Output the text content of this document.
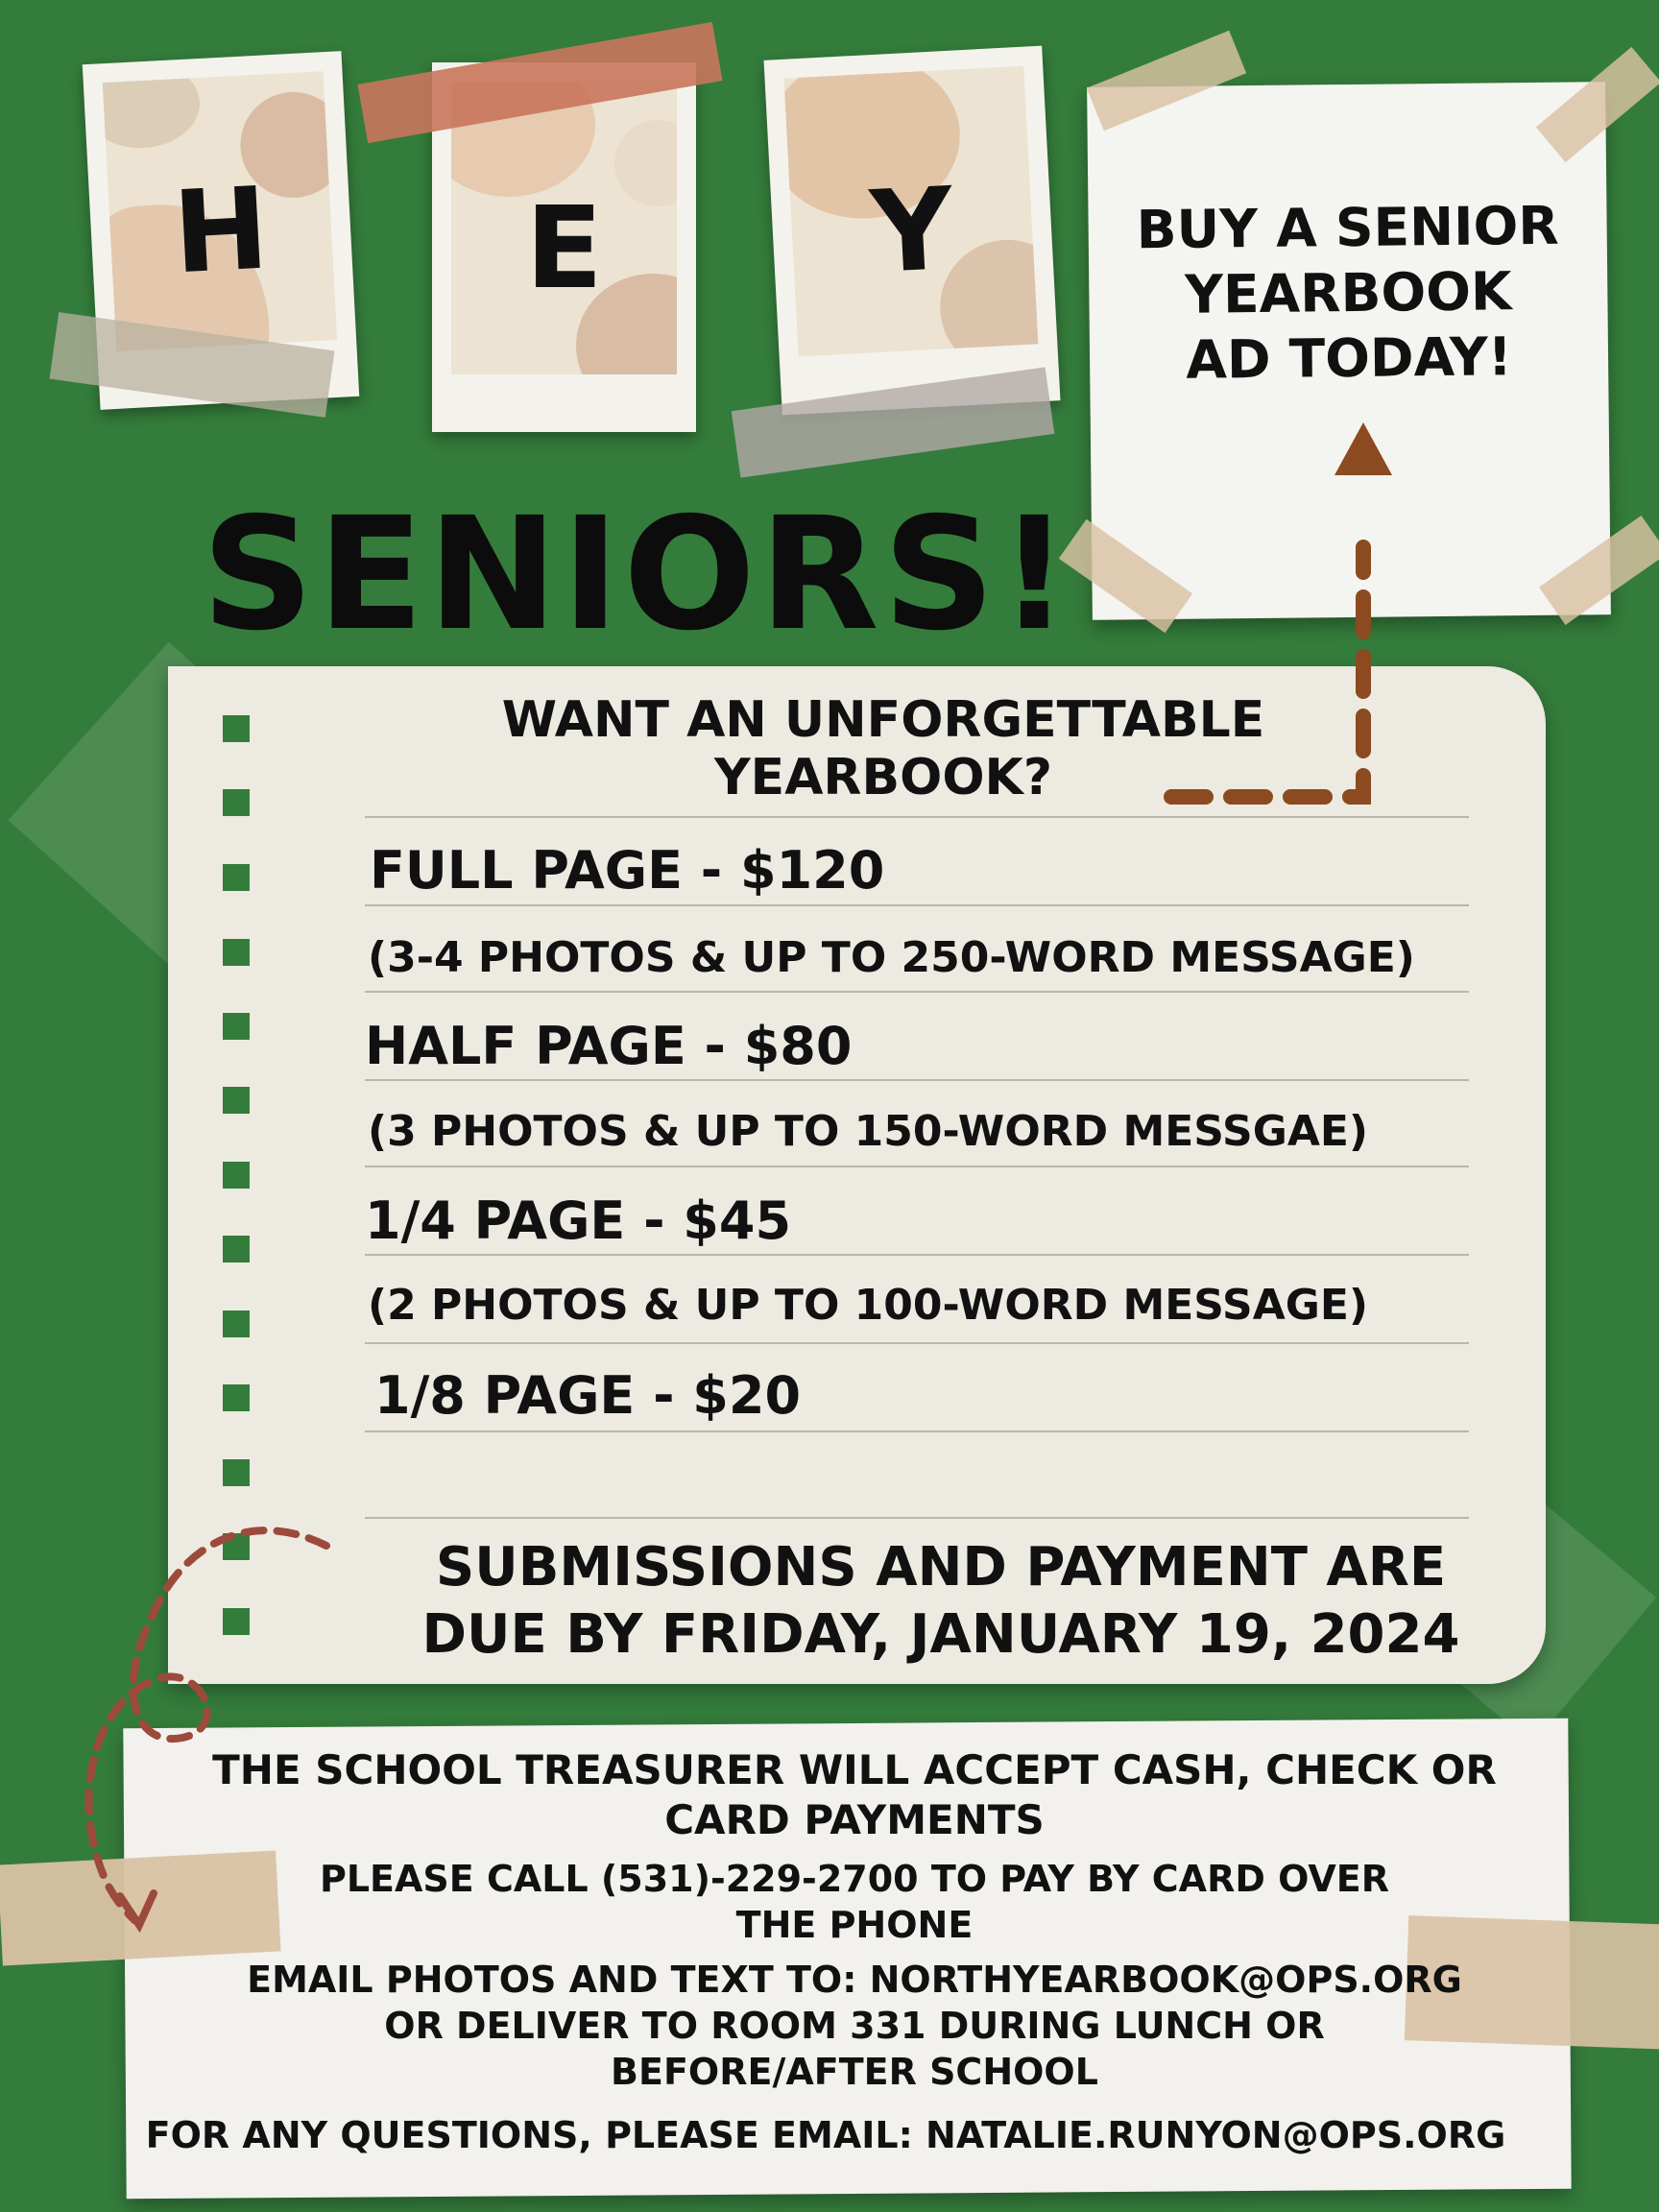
H	E	Y	BUY A SENIOR
YEARBOOK
AD TODAY!
SENIORS!
WANT AN UNFORGETTABLE
YEARBOOK?
FULL PAGE - $120
(3-4 PHOTOS & UP TO 250-WORD MESSAGE)
HALF PAGE - $80
(3 PHOTOS & UP TO 150-WORD MESSGAE)
1/4 PAGE - $45
(2 PHOTOS & UP TO 100-WORD MESSAGE)
1/8 PAGE - $20
SUBMISSIONS AND PAYMENT ARE
DUE BY FRIDAY, JANUARY 19, 2024
THE SCHOOL TREASURER WILL ACCEPT CASH, CHECK OR
CARD PAYMENTS
PLEASE CALL (531)-229-2700 TO PAY BY CARD OVER
THE PHONE
EMAIL PHOTOS AND TEXT TO: NORTHYEARBOOK@OPS.ORG
OR DELIVER TO ROOM 331 DURING LUNCH OR
BEFORE/AFTER SCHOOL
FOR ANY QUESTIONS, PLEASE EMAIL: NATALIE.RUNYON@OPS.ORG
